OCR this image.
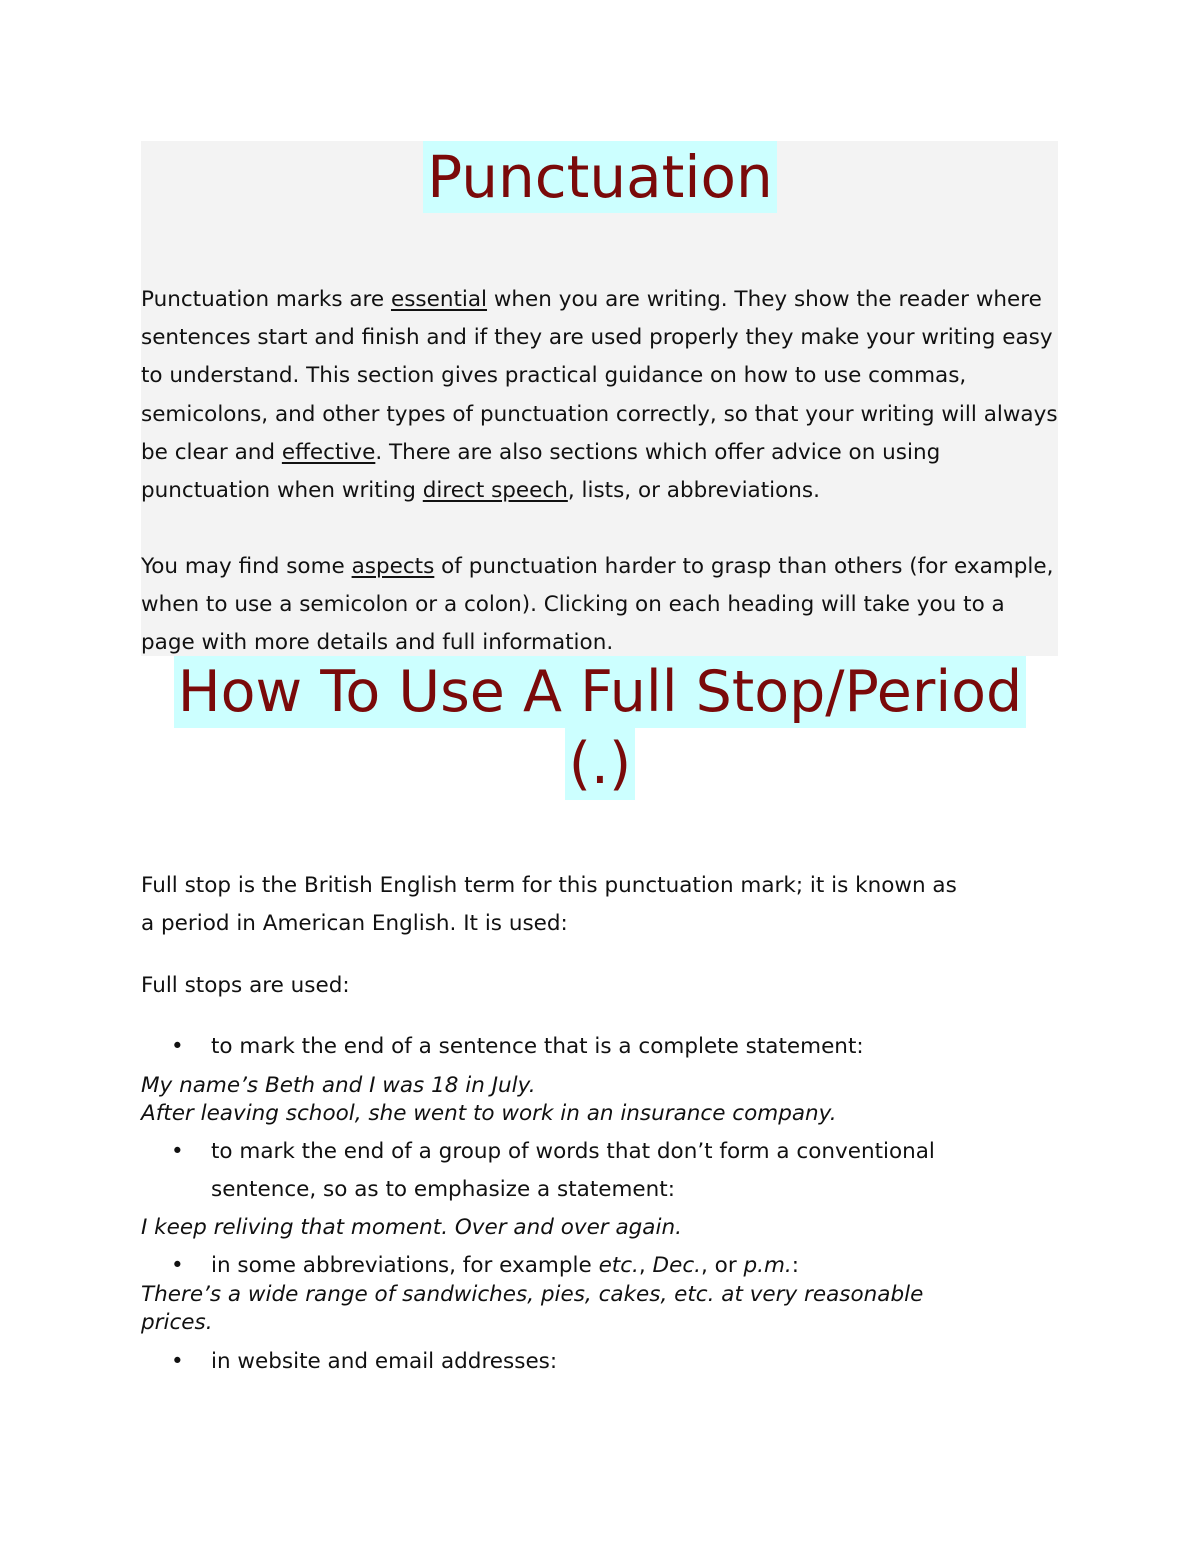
Punctuation

Punctuation marks are essential when you are writing. They show the reader where sentences start and finish and if they are used properly they make your writing easy to understand. This section gives practical guidance on how to use commas, semicolons, and other types of punctuation correctly, so that your writing will always be clear and effective. There are also sections which offer advice on using punctuation when writing direct speech, lists, or abbreviations.

You may find some aspects of punctuation harder to grasp than others (for example, when to use a semicolon or a colon). Clicking on each heading will take you to a page with more details and full information.

How To Use A Full Stop/Period
(.)

Full stop is the British English term for this punctuation mark; it is known as

a period in American English. It is used:

Full stops are used:

•	to mark the end of a sentence that is a complete statement:

My name’s Beth and I was 18 in July.

After leaving school, she went to work in an insurance company.

•	to mark the end of a group of words that don’t form a conventional
sentence, so as to emphasize a statement:

I keep reliving that moment. Over and over again.

•	in some abbreviations, for example etc., Dec., or p.m.:

There’s a wide range of sandwiches, pies, cakes, etc. at very reasonable

prices.

•	in website and email addresses:
